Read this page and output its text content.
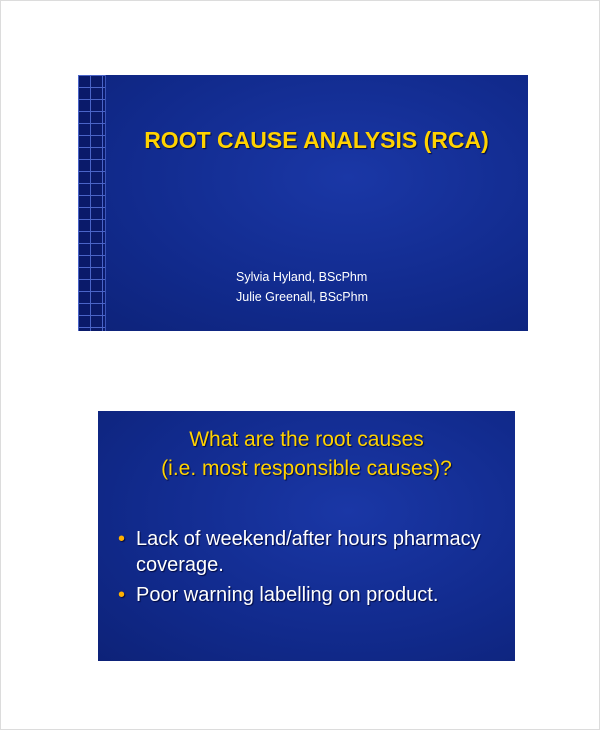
ROOT CAUSE ANALYSIS (RCA)
Sylvia Hyland, BScPhm
Julie Greenall, BScPhm
What are the root causes
(i.e. most responsible causes)?
• Lack of weekend/after hours pharmacy coverage.
• Poor warning labelling on product.
